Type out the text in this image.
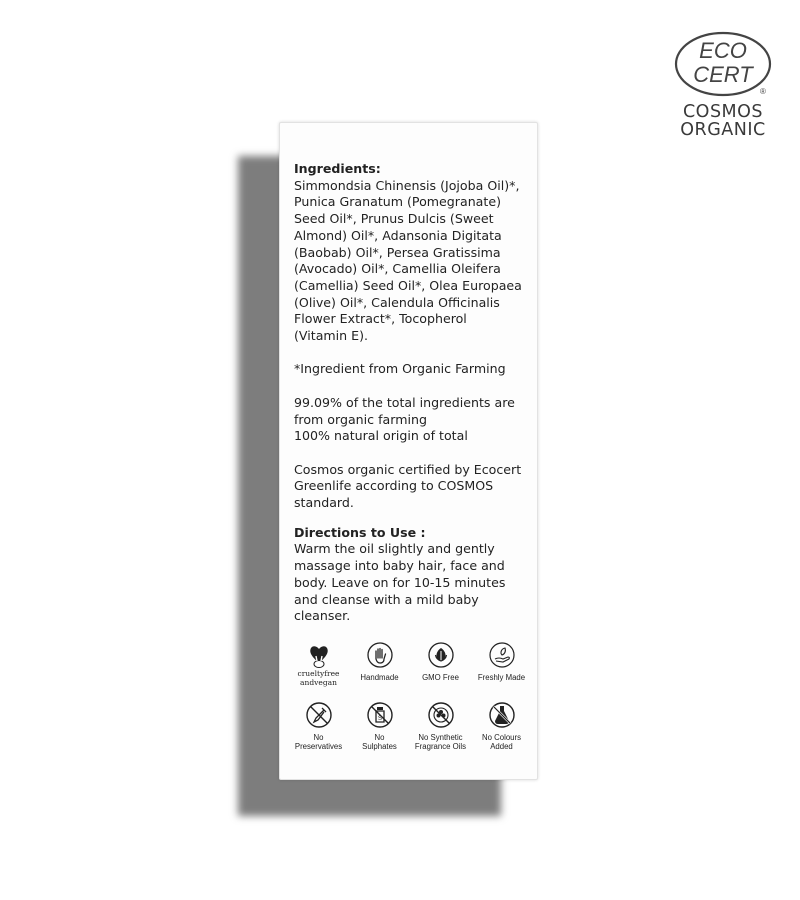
ECO
CERT
®
COSMOS
ORGANIC

Ingredients:

Simmondsia Chinensis (Jojoba Oil)*,

Punica Granatum (Pomegranate)

Seed Oil*, Prunus Dulcis (Sweet

Almond) Oil*, Adansonia Digitata

(Baobab) Oil*, Persea Gratissima

(Avocado) Oil*, Camellia Oleifera

(Camellia) Seed Oil*, Olea Europaea

(Olive) Oil*, Calendula Officinalis

Flower Extract*, Tocopherol

(Vitamin E).

*Ingredient from Organic Farming

99.09% of the total ingredients are

from organic farming

100% natural origin of total

Cosmos organic certified by Ecocert

Greenlife according to COSMOS

standard.

Directions to Use :

Warm the oil slightly and gently

massage into baby hair, face and

body. Leave on for 10-15 minutes

and cleanse with a mild baby

cleanser.

crueltyfree
andvegan	Handmade	GMO Free Freshly Made
No
Preservatives
S
No
Sulphates
No Synthetic
Fragrance Oils
No Colours
Added
